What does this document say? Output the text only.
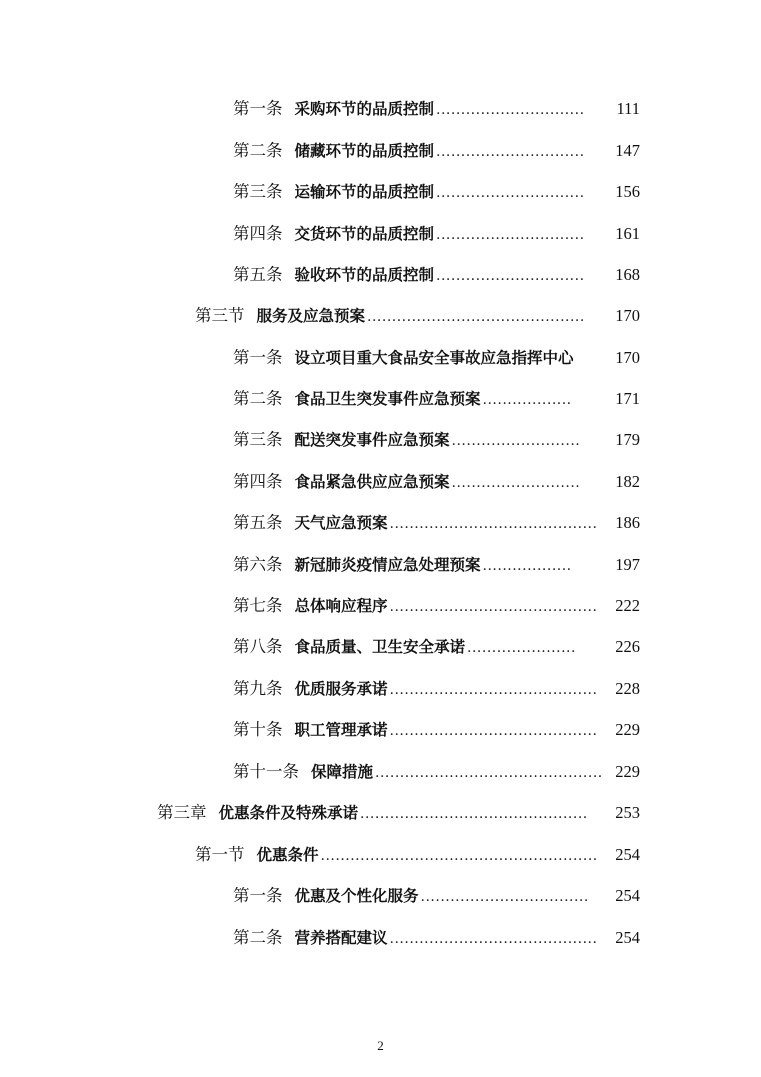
第一条 采购环节的品质控制 ..............................	111
第二条 储藏环节的品质控制 ..............................	147
第三条 运输环节的品质控制 ..............................	156
第四条 交货环节的品质控制 ..............................	161
第五条 验收环节的品质控制 ..............................	168
第三节 服务及应急预案 ............................................	170
第一条 设立项目重大食品安全事故应急指挥中心	170
第二条 食品卫生突发事件应急预案 ..................	171
第三条 配送突发事件应急预案 ..........................	179
第四条 食品紧急供应应急预案 ..........................	182
第五条 天气应急预案 ..........................................	186
第六条 新冠肺炎疫情应急处理预案 ..................	197
第七条 总体响应程序 ..........................................	222
第八条 食品质量、卫生安全承诺 ......................	226
第九条 优质服务承诺 ..........................................	228
第十条 职工管理承诺 ..........................................	229
第十一条 保障措施 .............................................. 229
第三章 优惠条件及特殊承诺 ..............................................	253
第一节 优惠条件 ........................................................	254
第一条 优惠及个性化服务 ..................................	254
第二条 营养搭配建议 ..........................................	254
2
